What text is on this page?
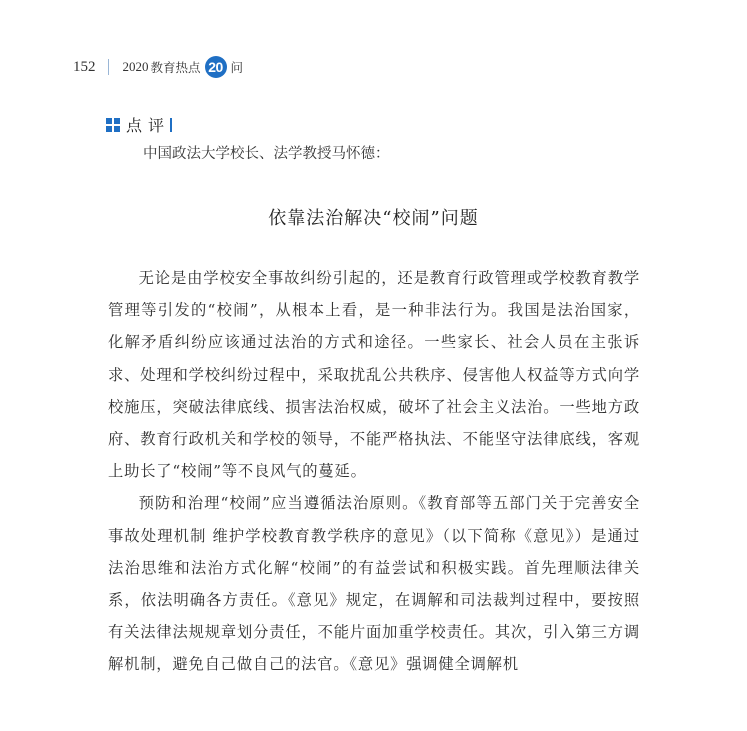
152 2020 教育热点 20 问
点评
中国政法大学校长、法学教授马怀德：
依靠法治解决“校闹”问题

无论是由学校安全事故纠纷引起的，还是教育行政管理或学校教育教学管理等引发的“校闹”，从根本上看，是一种非法行为。我国是法治国家，化解矛盾纠纷应该通过法治的方式和途径。一些家长、社会人员在主张诉求、处理和学校纠纷过程中，采取扰乱公共秩序、侵害他人权益等方式向学校施压，突破法律底线、损害法治权威，破坏了社会主义法治。一些地方政府、教育行政机关和学校的领导，不能严格执法、不能坚守法律底线，客观上助长了“校闹”等不良风气的蔓延。

预防和治理“校闹”应当遵循法治原则。《教育部等五部门关于完善安全事故处理机制 维护学校教育教学秩序的意见》（以下简称《意见》）是通过法治思维和法治方式化解“校闹”的有益尝试和积极实践。首先理顺法律关系，依法明确各方责任。《意见》规定，在调解和司法裁判过程中，要按照有关法律法规规章划分责任，不能片面加重学校责任。其次，引入第三方调解机制，避免自己做自己的法官。《意见》强调健全调解机
